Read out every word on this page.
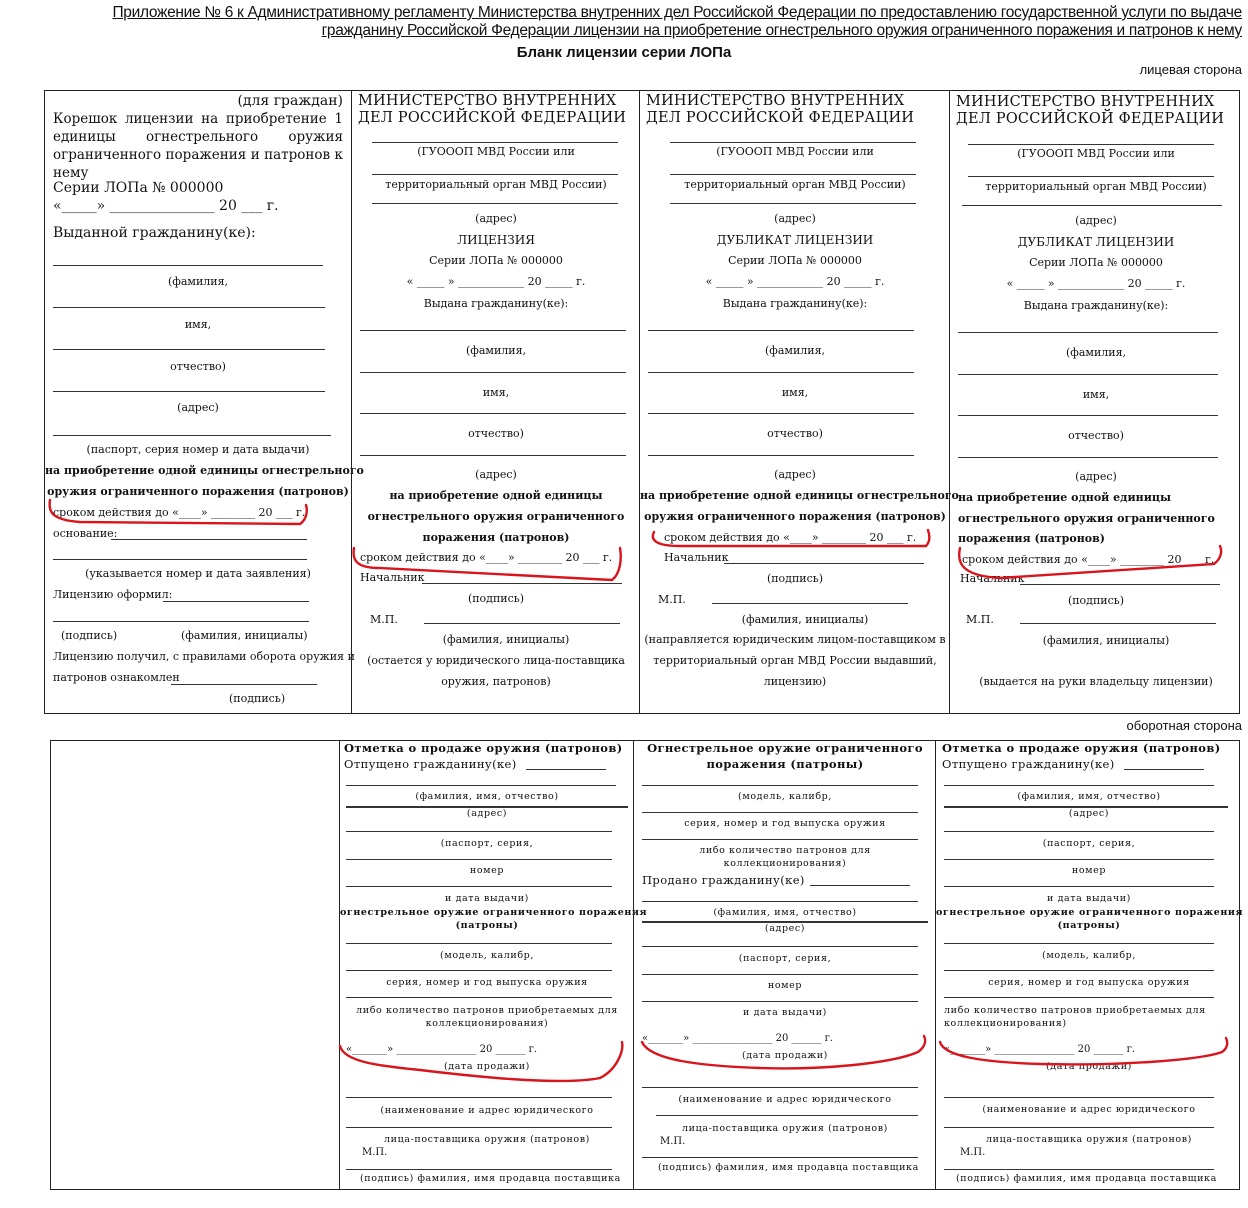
Приложение № 6 к Административному регламенту Министерства внутренних дел Российской Федерации по предоставлению государственной услуги по выдаче
гражданину Российской Федерации лицензии на приобретение огнестрельного оружия ограниченного поражения и патронов к нему
Бланк лицензии серии ЛОПа
лицевая сторона
оборотная сторона
(для граждан)
Корешок лицензии на приобретение 1 единицы огнестрельного оружия ограниченного поражения и патронов к нему
Серии ЛОПа № 000000
«_____» _______________ 20 ___ г.
Выданной гражданину(ке):
(фамилия,
имя,
отчество)
(адрес)
(паспорт, серия номер и дата выдачи)
на приобретение одной единицы огнестрельного
оружия ограниченного поражения (патронов)
сроком действия до «____» ________ 20 ___ г.
основание:
(указывается номер и дата заявления)
Лицензию оформил:
(подпись)	(фамилия, инициалы)
Лицензию получил, с правилами оборота оружия и
патронов ознакомлен
(подпись)
МИНИСТЕРСТВО ВНУТРЕННИХ
ДЕЛ РОССИЙСКОЙ ФЕДЕРАЦИИ
(ГУОООП МВД России или
территориальный орган МВД России)
(адрес)
ЛИЦЕНЗИЯ
Серии ЛОПа № 000000
« _____ » ____________ 20 _____ г.
Выдана гражданину(ке):
(фамилия,
имя,
отчество)
(адрес)
на приобретение одной единицы
огнестрельного оружия ограниченного
поражения (патронов)
сроком действия до «____» ________ 20 ___ г.
Начальник
(подпись)
М.П.
(фамилия, инициалы)
(остается у юридического лица-поставщика
оружия, патронов)
МИНИСТЕРСТВО ВНУТРЕННИХ
ДЕЛ РОССИЙСКОЙ ФЕДЕРАЦИИ
(ГУОООП МВД России или
территориальный орган МВД России)
(адрес)
ДУБЛИКАТ ЛИЦЕНЗИИ
Серии ЛОПа № 000000
« _____ » ____________ 20 _____ г.
Выдана гражданину(ке):
(фамилия,
имя,
отчество)
(адрес)
на приобретение одной единицы огнестрельного
оружия ограниченного поражения (патронов)
сроком действия до «____» ________ 20 ___ г.
Начальник
(подпись)
М.П.
(фамилия, инициалы)
(направляется юридическим лицом-поставщиком в
территориальный орган МВД России выдавший,
лицензию)
МИНИСТЕРСТВО ВНУТРЕННИХ
ДЕЛ РОССИЙСКОЙ ФЕДЕРАЦИИ
(ГУОООП МВД России или
территориальный орган МВД России)
(адрес)
ДУБЛИКАТ ЛИЦЕНЗИИ
Серии ЛОПа № 000000
« _____ » ____________ 20 _____ г.
Выдана гражданину(ке):
(фамилия,
имя,
отчество)
(адрес)
на приобретение одной единицы
огнестрельного оружия ограниченного
поражения (патронов)
сроком действия до «____» ________ 20 ___ г.
Начальник
(подпись)
М.П.
(фамилия, инициалы)
(выдается на руки владельцу лицензии)
Отметка о продаже оружия (патронов)
Отпущено гражданину(ке)
(фамилия, имя, отчество)
(адрес)
(паспорт, серия,
номер
и дата выдачи)
огнестрельное оружие ограниченного поражения
(патроны)
(модель, калибр,
серия, номер и год выпуска оружия
либо количество патронов приобретаемых для
коллекционирования)
«_______» ________________ 20 ______ г.
(дата продажи)
(наименование и адрес юридического
лица-поставщика оружия (патронов)
М.П.
(подпись) фамилия, имя продавца поставщика
Огнестрельное оружие ограниченного
поражения (патроны)
(модель, калибр,
серия, номер и год выпуска оружия
либо количество патронов для
коллекционирования)
Продано гражданину(ке)
(фамилия, имя, отчество)
(адрес)
(паспорт, серия,
номер
и дата выдачи)
«_______» ________________ 20 ______ г.
(дата продажи)
(наименование и адрес юридического
лица-поставщика оружия (патронов)
М.П.
(подпись) фамилия, имя продавца поставщика
Отметка о продаже оружия (патронов)
Отпущено гражданину(ке)
(фамилия, имя, отчество)
(адрес)
(паспорт, серия,
номер
и дата выдачи)
огнестрельное оружие ограниченного поражения
(патроны)
(модель, калибр,
серия, номер и год выпуска оружия
либо количество патронов приобретаемых для
коллекционирования)
«_______» ________________ 20 ______ г.
(дата продажи)
(наименование и адрес юридического
лица-поставщика оружия (патронов)
М.П.
(подпись) фамилия, имя продавца поставщика
